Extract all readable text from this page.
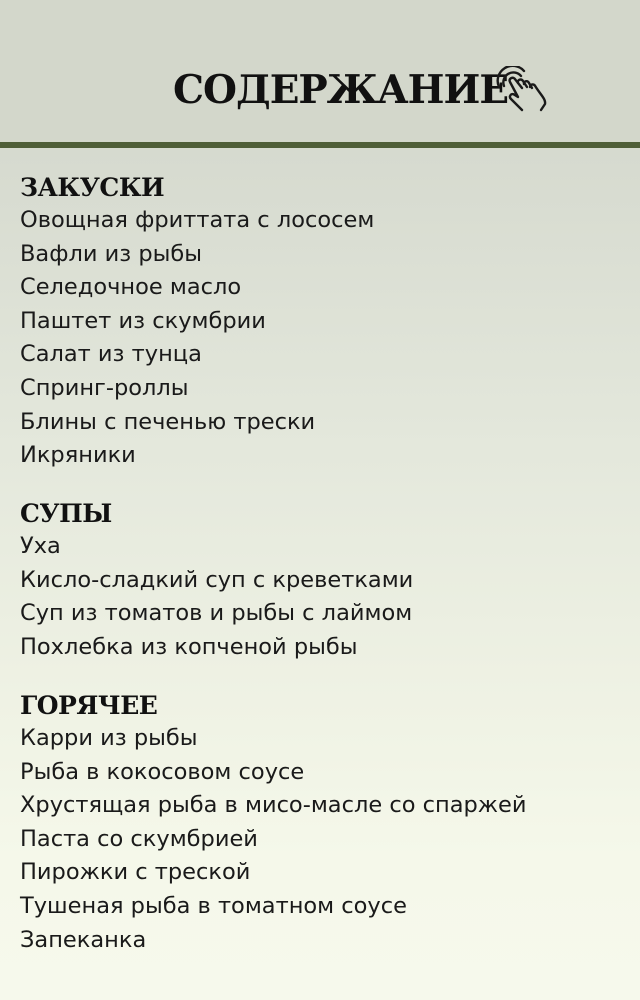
СОДЕРЖАНИЕ
ЗАКУСКИ
Овощная фриттата с лососем
Вафли из рыбы
Селедочное масло
Паштет из скумбрии
Салат из тунца
Спринг-роллы
Блины с печенью трески
Икряники
СУПЫ
Уха
Кисло-сладкий суп с креветками
Суп из томатов и рыбы с лаймом
Похлебка из копченой рыбы
ГОРЯЧЕЕ
Карри из рыбы
Рыба в кокосовом соусе
Хрустящая рыба в мисо-масле со спаржей
Паста со скумбрией
Пирожки с треской
Тушеная рыба в томатном соусе
Запеканка
